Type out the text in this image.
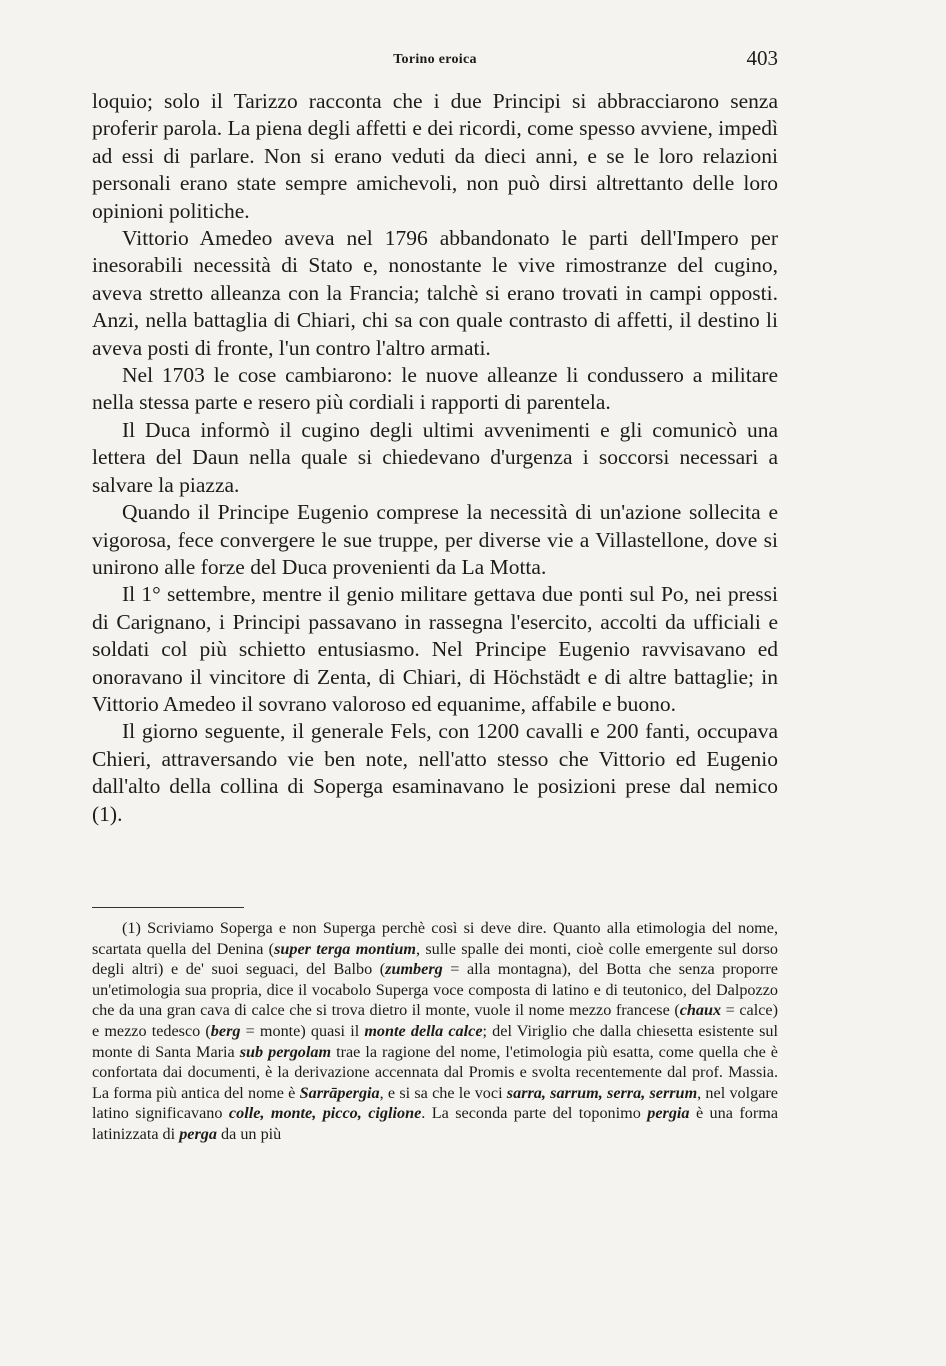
Torino eroica	403

loquio; solo il Tarizzo racconta che i due Principi si abbracciarono senza proferir parola. La piena degli affetti e dei ricordi, come spesso avviene, impedì ad essi di parlare. Non si erano veduti da dieci anni, e se le loro relazioni personali erano state sempre amichevoli, non può dirsi altrettanto delle loro opinioni politiche.

Vittorio Amedeo aveva nel 1796 abbandonato le parti dell'Impero per inesorabili necessità di Stato e, nonostante le vive rimostranze del cugino, aveva stretto alleanza con la Francia; talchè si erano trovati in campi opposti. Anzi, nella battaglia di Chiari, chi sa con quale contrasto di affetti, il destino li aveva posti di fronte, l'un contro l'altro armati.

Nel 1703 le cose cambiarono: le nuove alleanze li condussero a militare nella stessa parte e resero più cordiali i rapporti di parentela.

Il Duca informò il cugino degli ultimi avvenimenti e gli comunicò una lettera del Daun nella quale si chiedevano d'urgenza i soccorsi necessari a salvare la piazza.

Quando il Principe Eugenio comprese la necessità di un'azione sollecita e vigorosa, fece convergere le sue truppe, per diverse vie a Villastellone, dove si unirono alle forze del Duca provenienti da La Motta.

Il 1° settembre, mentre il genio militare gettava due ponti sul Po, nei pressi di Carignano, i Principi passavano in rassegna l'esercito, accolti da ufficiali e soldati col più schietto entusiasmo. Nel Principe Eugenio ravvisavano ed onoravano il vincitore di Zenta, di Chiari, di Höchstädt e di altre battaglie; in Vittorio Amedeo il sovrano valoroso ed equanime, affabile e buono.

Il giorno seguente, il generale Fels, con 1200 cavalli e 200 fanti, occupava Chieri, attraversando vie ben note, nell'atto stesso che Vittorio ed Eugenio dall'alto della collina di Soperga esaminavano le posizioni prese dal nemico (1).

(1) Scriviamo Soperga e non Superga perchè così si deve dire. Quanto alla etimologia del nome, scartata quella del Denina (super terga montium, sulle spalle dei monti, cioè colle emergente sul dorso degli altri) e de' suoi seguaci, del Balbo (zumberg = alla montagna), del Botta che senza proporre un'etimologia sua propria, dice il vocabolo Superga voce composta di latino e di teutonico, del Dalpozzo che da una gran cava di calce che si trova dietro il monte, vuole il nome mezzo francese (chaux = calce) e mezzo tedesco (berg = monte) quasi il monte della calce; del Viriglio che dalla chiesetta esistente sul monte di Santa Maria sub pergolam trae la ragione del nome, l'etimologia più esatta, come quella che è confortata dai documenti, è la derivazione accennata dal Promis e svolta recentemente dal prof. Massia. La forma più antica del nome è Sarrāpergia, e si sa che le voci sarra, sarrum, serra, serrum, nel volgare latino significavano colle, monte, picco, ciglione. La seconda parte del toponimo pergia è una forma latinizzata di perga da un più
